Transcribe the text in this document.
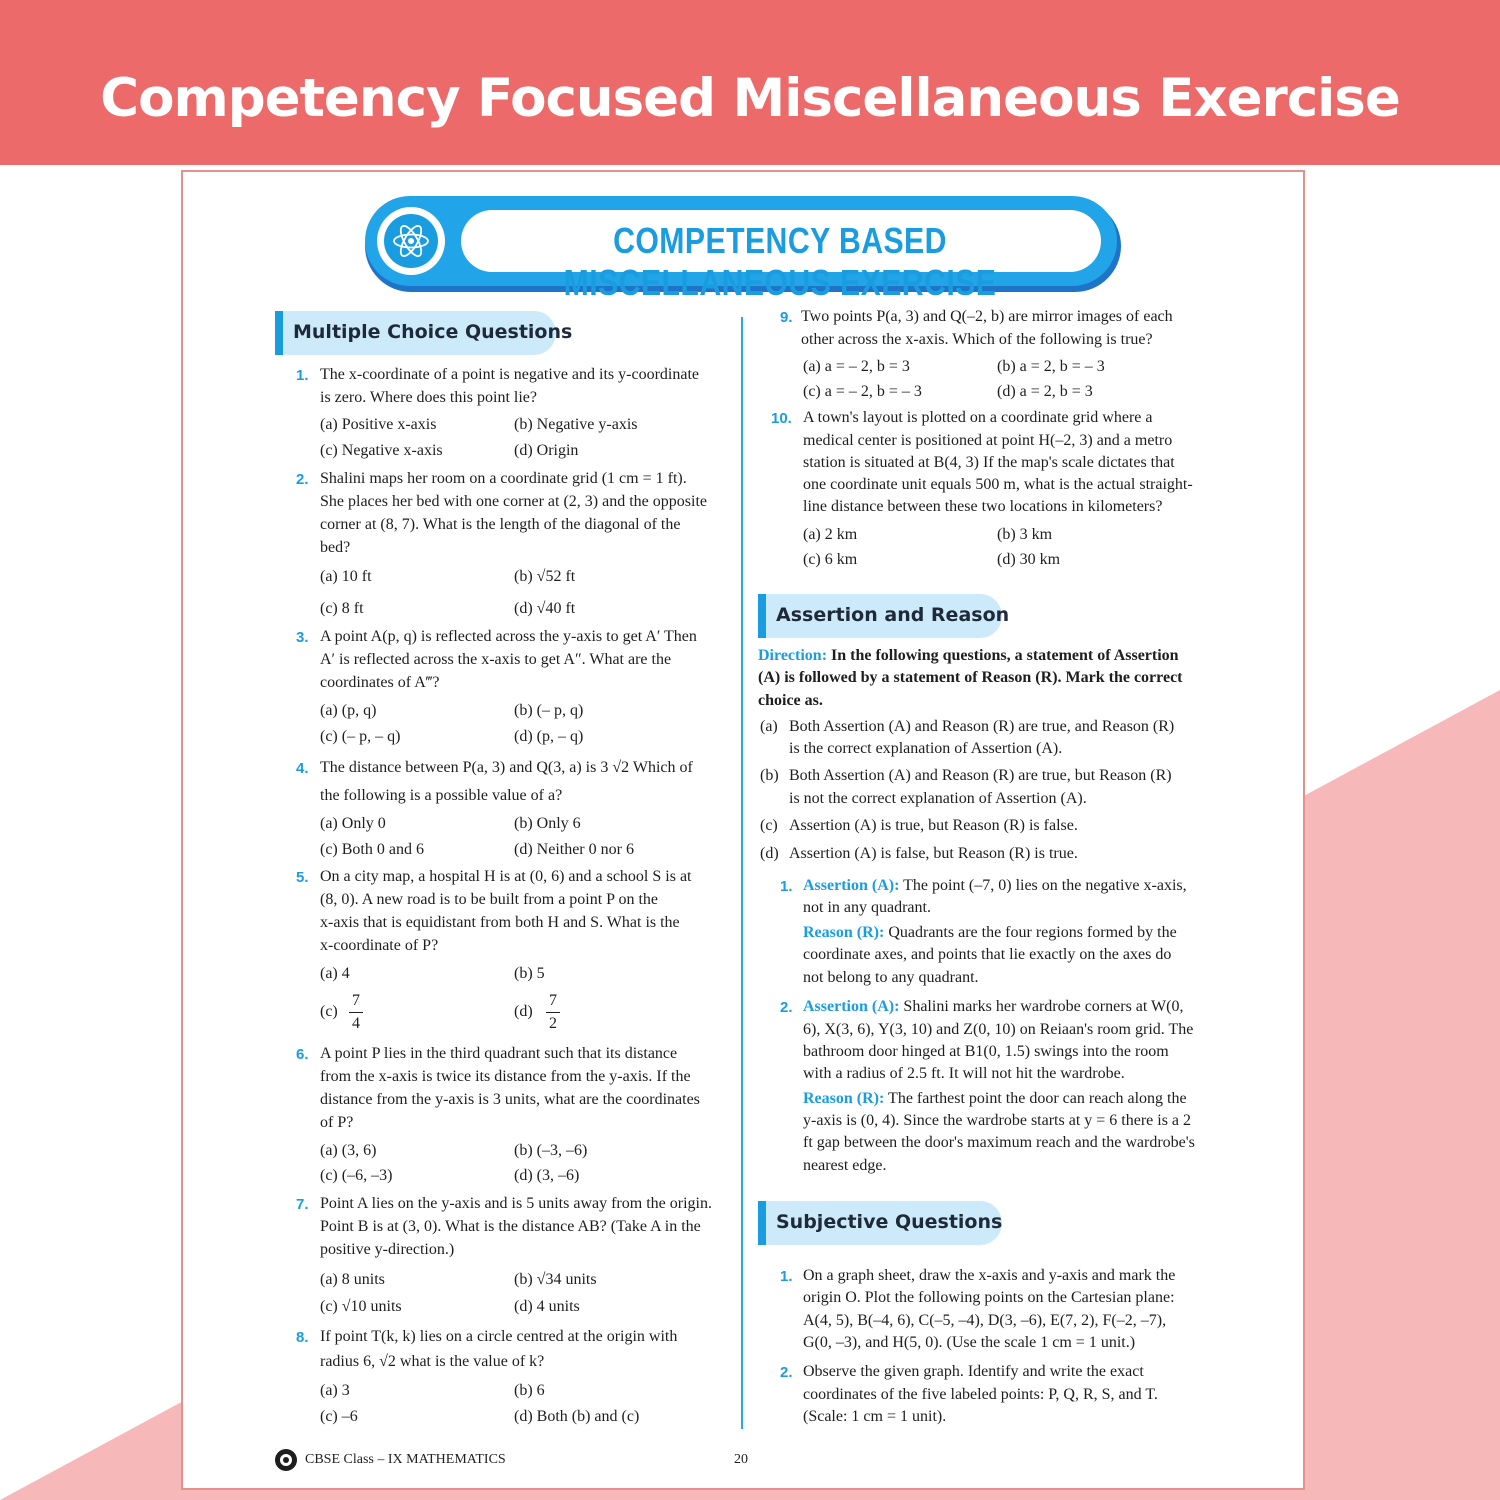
Competency Focused Miscellaneous Exercise
COMPETENCY BASED MISCELLANEOUS EXERCISE
Multiple Choice Questions
Assertion and Reason
Subjective Questions
1. The x-coordinate of a point is negative and its y-coordinate
is zero. Where does this point lie?
(a) Positive x-axis	(b) Negative y-axis
(c) Negative x-axis	(d) Origin
2. Shalini maps her room on a coordinate grid (1 cm = 1 ft).
She places her bed with one corner at (2, 3) and the opposite
corner at (8, 7). What is the length of the diagonal of the
bed?
(a) 10 ft	(b) √52 ft
(c) 8 ft	(d) √40 ft
3. A point A(p, q) is reflected across the y-axis to get A′ Then
A′ is reflected across the x-axis to get A″. What are the
coordinates of A‴?
(a) (p, q)	(b) (– p, q)
(c) (– p, – q)	(d) (p, – q)
4. The distance between P(a, 3) and Q(3, a) is 3 √2 Which of
the following is a possible value of a?
(a) Only 0	(b) Only 6
(c) Both 0 and 6	(d) Neither 0 nor 6
5. On a city map, a hospital H is at (0, 6) and a school S is at
(8, 0). A new road is to be built from a point P on the
x-axis that is equidistant from both H and S. What is the
x-coordinate of P?
(a) 4	(b) 5
(c)
7
4
(d)
7
2
6. A point P lies in the third quadrant such that its distance
from the x-axis is twice its distance from the y-axis. If the
distance from the y-axis is 3 units, what are the coordinates
of P?
(a) (3, 6)	(b) (–3, –6)
(c) (–6, –3)	(d) (3, –6)
7. Point A lies on the y-axis and is 5 units away from the origin.
Point B is at (3, 0). What is the distance AB? (Take A in the
positive y-direction.)
(a) 8 units	(b) √34 units
(c) √10 units	(d) 4 units
8. If point T(k, k) lies on a circle centred at the origin with
radius 6, √2 what is the value of k?
(a) 3	(b) 6
(c) –6	(d) Both (b) and (c)
9. Two points P(a, 3) and Q(–2, b) are mirror images of each
other across the x-axis. Which of the following is true?
(a) a = – 2, b = 3	(b) a = 2, b = – 3
(c) a = – 2, b = – 3	(d) a = 2, b = 3
10. A town's layout is plotted on a coordinate grid where a
medical center is positioned at point H(–2, 3) and a metro
station is situated at B(4, 3) If the map's scale dictates that
one coordinate unit equals 500 m, what is the actual straight-
line distance between these two locations in kilometers?
(a) 2 km	(b) 3 km
(c) 6 km	(d) 30 km
Direction: In the following questions, a statement of Assertion
(A) is followed by a statement of Reason (R). Mark the correct
choice as.
(a) Both Assertion (A) and Reason (R) are true, and Reason (R)
is the correct explanation of Assertion (A).
(b) Both Assertion (A) and Reason (R) are true, but Reason (R)
is not the correct explanation of Assertion (A).
(c) Assertion (A) is true, but Reason (R) is false.
(d) Assertion (A) is false, but Reason (R) is true.
1. Assertion (A): The point (–7, 0) lies on the negative x-axis,
not in any quadrant.
Reason (R): Quadrants are the four regions formed by the
coordinate axes, and points that lie exactly on the axes do
not belong to any quadrant.
2. Assertion (A): Shalini marks her wardrobe corners at W(0,
6), X(3, 6), Y(3, 10) and Z(0, 10) on Reiaan's room grid. The
bathroom door hinged at B1(0, 1.5) swings into the room
with a radius of 2.5 ft. It will not hit the wardrobe.
Reason (R): The farthest point the door can reach along the
y-axis is (0, 4). Since the wardrobe starts at y = 6 there is a 2
ft gap between the door's maximum reach and the wardrobe's
nearest edge.
1. On a graph sheet, draw the x-axis and y-axis and mark the
origin O. Plot the following points on the Cartesian plane:
A(4, 5), B(–4, 6), C(–5, –4), D(3, –6), E(7, 2), F(–2, –7),
G(0, –3), and H(5, 0). (Use the scale 1 cm = 1 unit.)
2. Observe the given graph. Identify and write the exact
coordinates of the five labeled points: P, Q, R, S, and T.
(Scale: 1 cm = 1 unit).
CBSE Class – IX MATHEMATICS	20
